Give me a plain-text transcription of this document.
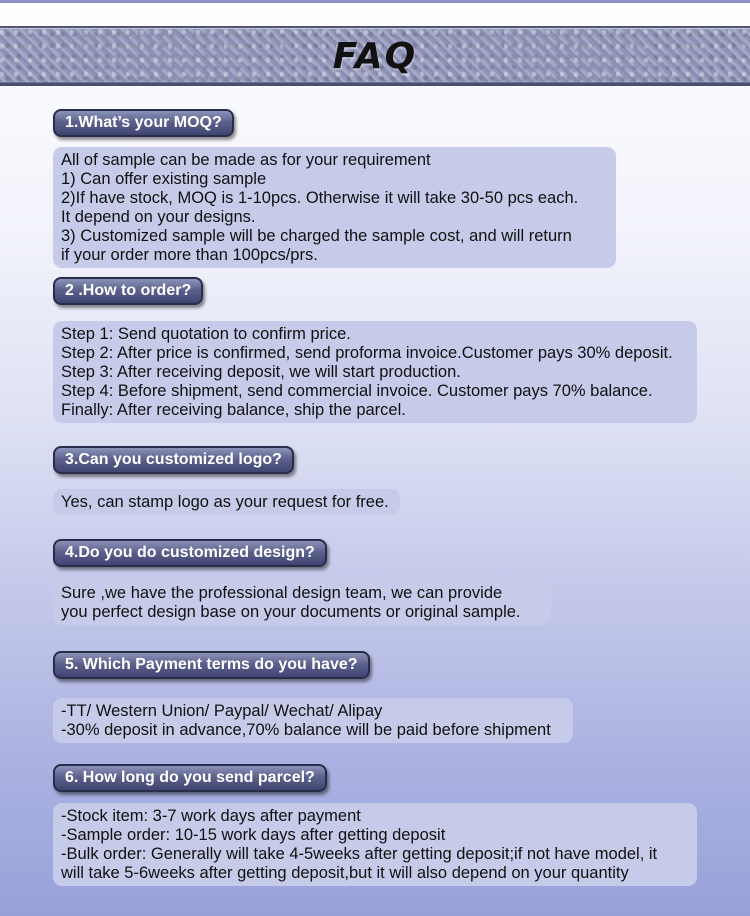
FAQ
1.What’s your MOQ?
All of sample can be made as for your requirement
1) Can offer existing sample
2)If have stock, MOQ is 1-10pcs. Otherwise it will take 30-50 pcs each.
It depend on your designs.
3) Customized sample will be charged the sample cost, and will return
if your order more than 100pcs/prs.
2 .How to order?
Step 1: Send quotation to confirm price.
Step 2: After price is confirmed, send proforma invoice.Customer pays 30% deposit.
Step 3: After receiving deposit, we will start production.
Step 4: Before shipment, send commercial invoice. Customer pays 70% balance.
Finally: After receiving balance, ship the parcel.
3.Can you customized logo?
Yes, can stamp logo as your request for free.
4.Do you do customized design?
Sure ,we have the professional design team, we can provide
you perfect design base on your documents or original sample.
5. Which Payment terms do you have?
-TT/ Western Union/ Paypal/ Wechat/ Alipay
-30% deposit in advance,70% balance will be paid before shipment
6. How long do you send parcel?
-Stock item: 3-7 work days after payment
-Sample order: 10-15 work days after getting deposit
-Bulk order: Generally will take 4-5weeks after getting deposit;if not have model, it
will take 5-6weeks after getting deposit,but it will also depend on your quantity
